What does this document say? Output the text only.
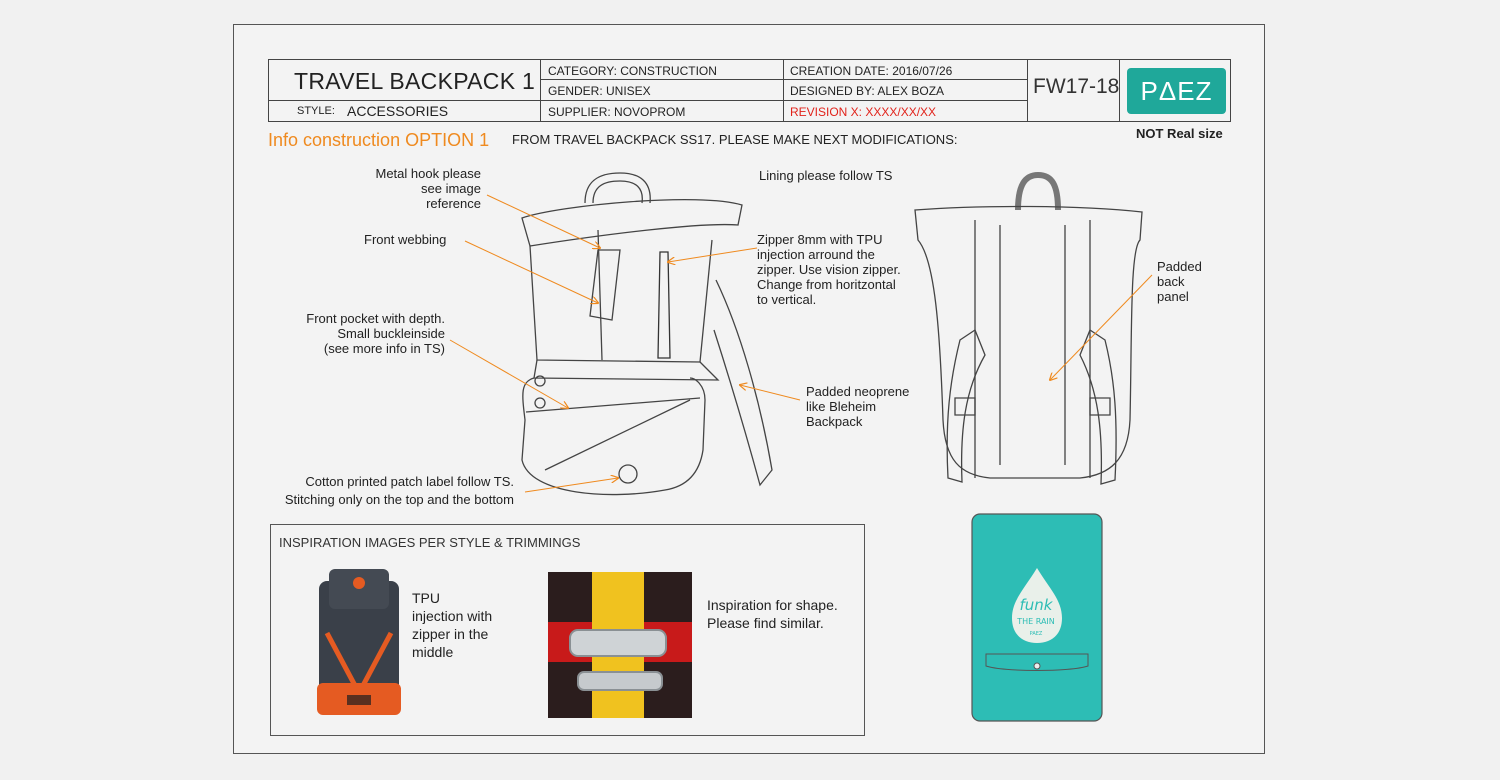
TRAVEL BACKPACK 1
STYLE: ACCESSORIES
CATEGORY: CONSTRUCTION
GENDER: UNISEX
SUPPLIER: NOVOPROM
CREATION DATE: 2016/07/26
DESIGNED BY: ALEX BOZA
REVISION X: XXXX/XX/XX
FW17-18 PΔEZ
NOT Real size
Info construction OPTION 1 FROM TRAVEL BACKPACK SS17. PLEASE MAKE NEXT MODIFICATIONS:
Metal hook please
see image
reference
Front webbing
Front pocket with depth.
Small buckleinside
(see more info in TS)
Cotton printed patch label follow TS.
Stitching only on the top and the bottom
Lining please follow TS
Zipper 8mm with TPU
injection arround the
zipper. Use vision zipper.
Change from horitzontal
to vertical.
Padded neoprene
like Bleheim
Backpack
Padded
back
panel
funk
THE RAIN
PAEZ
INSPIRATION IMAGES PER STYLE & TRIMMINGS
TPU
injection with
zipper in the
middle
Inspiration for shape.
Please find similar.
